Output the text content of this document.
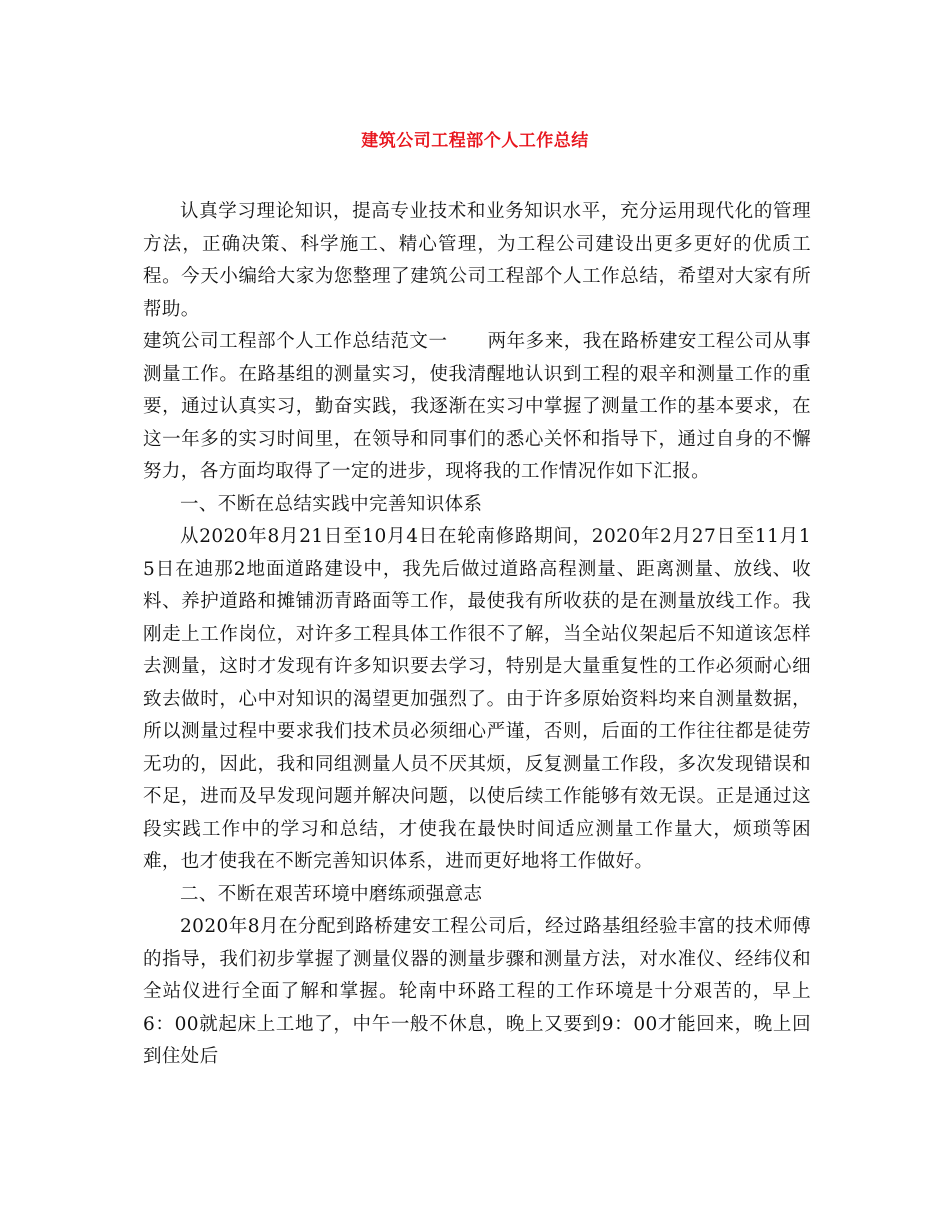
建筑公司工程部个人工作总结

认真学习理论知识，提高专业技术和业务知识水平，充分运用现代化的管理方法，正确决策、科学施工、精心管理，为工程公司建设出更多更好的优质工程。今天小编给大家为您整理了建筑公司工程部个人工作总结，希望对大家有所帮助。

建筑公司工程部个人工作总结范文一 两年多来，我在路桥建安工程公司从事测量工作。在路基组的测量实习，使我清醒地认识到工程的艰辛和测量工作的重要，通过认真实习，勤奋实践，我逐渐在实习中掌握了测量工作的基本要求，在这一年多的实习时间里，在领导和同事们的悉心关怀和指导下，通过自身的不懈努力，各方面均取得了一定的进步，现将我的工作情况作如下汇报。

一、不断在总结实践中完善知识体系

从2020年8月21日至10月4日在轮南修路期间，2020年2月27日至11月15日在迪那2地面道路建设中，我先后做过道路高程测量、距离测量、放线、收料、养护道路和摊铺沥青路面等工作，最使我有所收获的是在测量放线工作。我刚走上工作岗位，对许多工程具体工作很不了解，当全站仪架起后不知道该怎样去测量，这时才发现有许多知识要去学习，特别是大量重复性的工作必须耐心细致去做时，心中对知识的渴望更加强烈了。由于许多原始资料均来自测量数据，所以测量过程中要求我们技术员必须细心严谨，否则，后面的工作往往都是徒劳无功的，因此，我和同组测量人员不厌其烦，反复测量工作段，多次发现错误和不足，进而及早发现问题并解决问题，以使后续工作能够有效无误。正是通过这段实践工作中的学习和总结，才使我在最快时间适应测量工作量大，烦琐等困难，也才使我在不断完善知识体系，进而更好地将工作做好。

二、不断在艰苦环境中磨练顽强意志

2020年8月在分配到路桥建安工程公司后，经过路基组经验丰富的技术师傅的指导，我们初步掌握了测量仪器的测量步骤和测量方法，对水准仪、经纬仪和全站仪进行全面了解和掌握。轮南中环路工程的工作环境是十分艰苦的，早上6：00就起床上工地了，中午一般不休息，晚上又要到9：00才能回来，晚上回到住处后
